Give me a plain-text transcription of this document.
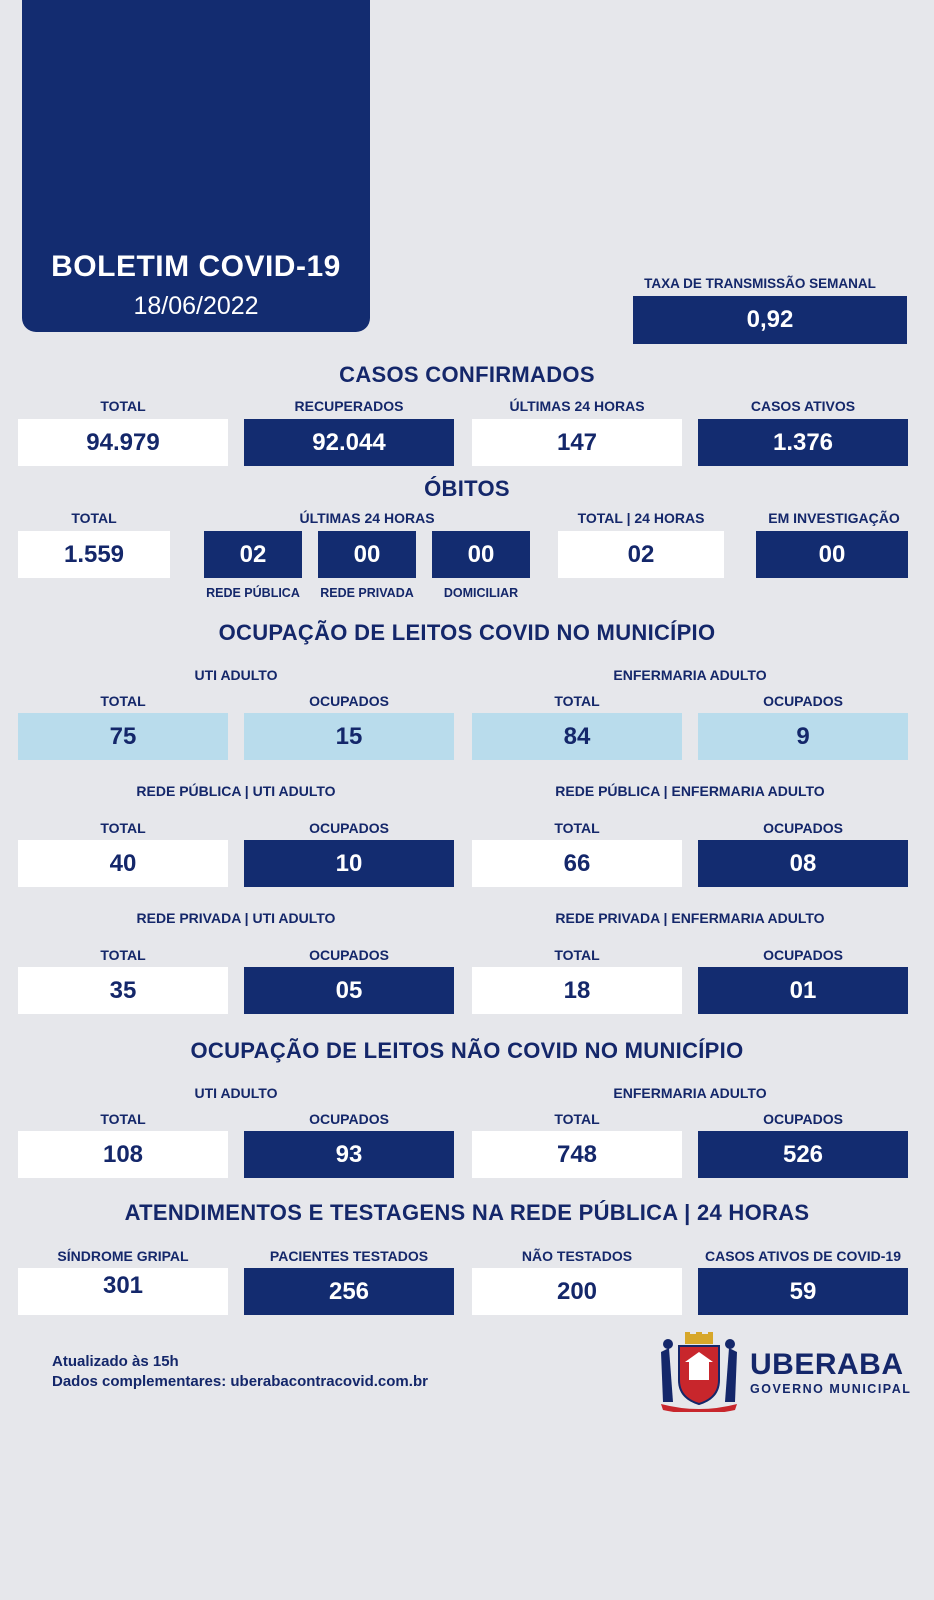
BOLETIM COVID-19
18/06/2022
TAXA DE TRANSMISSÃO SEMANAL
0,92
CASOS CONFIRMADOS
TOTAL	RECUPERADOS	ÚLTIMAS 24 HORAS	CASOS ATIVOS
94.979	92.044	147	1.376
ÓBITOS
TOTAL	ÚLTIMAS 24 HORAS	TOTAL | 24 HORAS	EM INVESTIGAÇÃO
1.559	02	00	00	02	00
REDE PÚBLICA	REDE PRIVADA	DOMICILIAR
OCUPAÇÃO DE LEITOS COVID NO MUNICÍPIO
UTI ADULTO	ENFERMARIA ADULTO
TOTAL	OCUPADOS	TOTAL	OCUPADOS
75	15	84	9
REDE PÚBLICA | UTI ADULTO	REDE PÚBLICA | ENFERMARIA ADULTO
TOTAL	OCUPADOS	TOTAL	OCUPADOS
40	10	66	08
REDE PRIVADA | UTI ADULTO	REDE PRIVADA | ENFERMARIA ADULTO
TOTAL	OCUPADOS	TOTAL	OCUPADOS
35	05	18	01
OCUPAÇÃO DE LEITOS NÃO COVID NO MUNICÍPIO
UTI ADULTO	ENFERMARIA ADULTO
TOTAL	OCUPADOS	TOTAL	OCUPADOS
108	93	748	526
ATENDIMENTOS E TESTAGENS NA REDE PÚBLICA | 24 HORAS
SÍNDROME GRIPAL	PACIENTES TESTADOS	NÃO TESTADOS	CASOS ATIVOS DE COVID-19
301	256	200	59
Atualizado às 15h
Dados complementares: uberabacontracovid.com.br
UBERABA
GOVERNO MUNICIPAL
